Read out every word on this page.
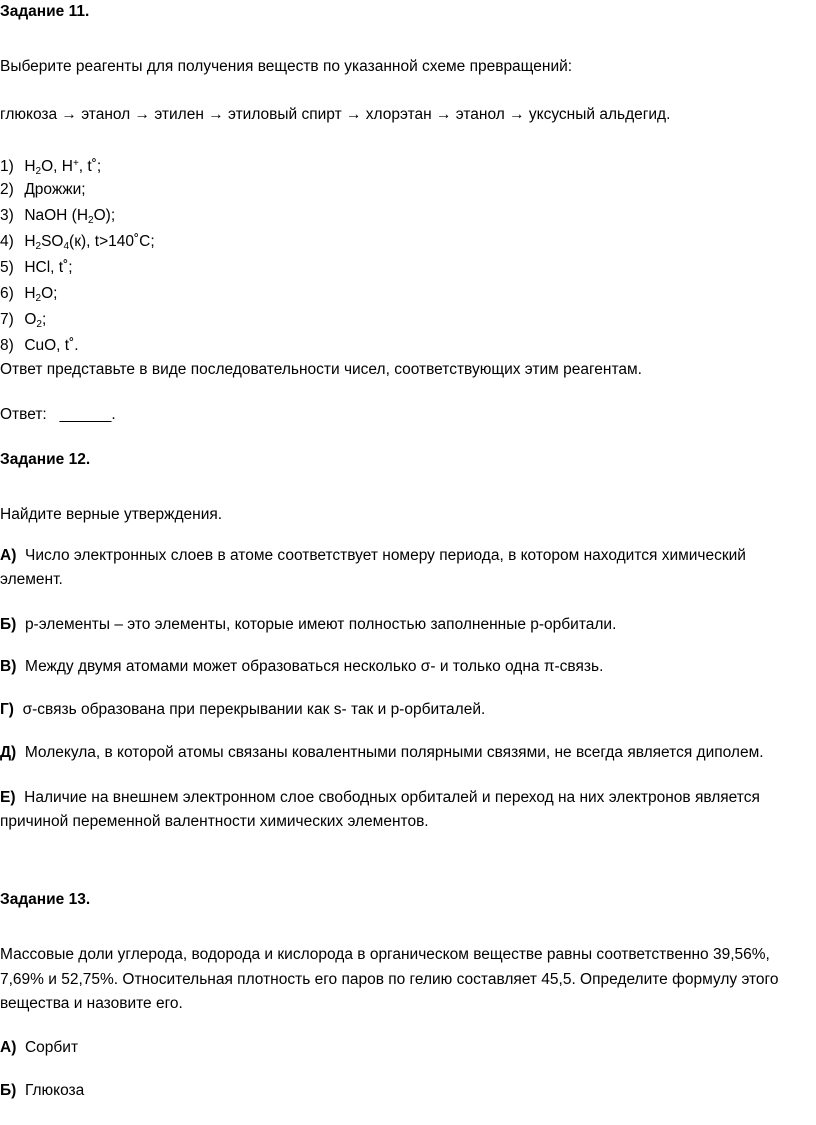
Задание 11.
Выберите реагенты для получения веществ по указанной схеме превращений:
глюкоза → этанол → этилен → этиловый спирт → хлорэтан → этанол → уксусный альдегид.
1) $H_2O$, H+, t˚;
2) Дрожжи;
3) NaOH $(H_2O)$;
4) $H_2SO_4(к)$, t>140˚C;
5) HCl, t˚;
6) $H_2O$;
7) $O_2$;
8) CuO, t˚.
Ответ представьте в виде последовательности чисел, соответствующих этим реагентам.
Ответ: ______.
Задание 12.
Найдите верные утверждения.
А) Число электронных слоев в атоме соответствует номеру периода, в котором находится химический
элемент.
Б) p-элементы – это элементы, которые имеют полностью заполненные p-орбитали.
В) Между двумя атомами может образоваться несколько σ- и только одна π-связь.
Г) σ-связь образована при перекрывании как s- так и p-орбиталей.
Д) Молекула, в которой атомы связаны ковалентными полярными связями, не всегда является диполем.
Е) Наличие на внешнем электронном слое свободных орбиталей и переход на них электронов является
причиной переменной валентности химических элементов.
Задание 13.
Массовые доли углерода, водорода и кислорода в органическом веществе равны соответственно 39,56%,
7,69% и 52,75%. Относительная плотность его паров по гелию составляет 45,5. Определите формулу этого
вещества и назовите его.
А) Сорбит
Б) Глюкоза
